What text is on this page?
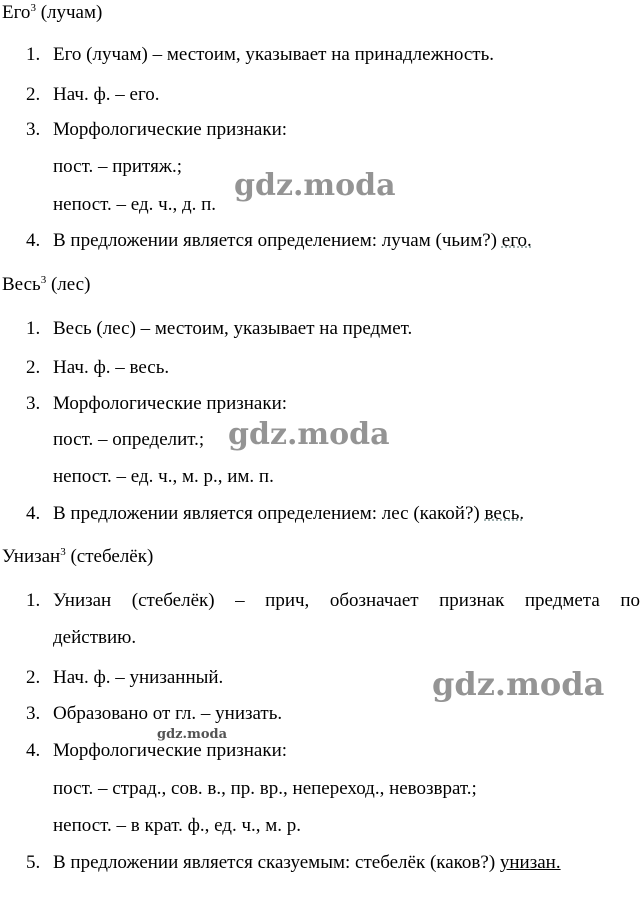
Его$^3$ (лучам)
1. Его (лучам) – местоим, указывает на принадлежность.
2. Нач. ф. – его.
3. Морфологические признаки:
пост. – притяж.;
непост. – ед. ч., д. п.
4. В предложении является определением: лучам (чьим?) его.
Весь$^3$ (лес)
1. Весь (лес) – местоим, указывает на предмет.
2. Нач. ф. – весь.
3. Морфологические признаки:
пост. – определит.;
непост. – ед. ч., м. р., им. п.
4. В предложении является определением: лес (какой?) весь.
Унизан$^3$ (стебелёк)
1. Унизан (стебелёк) – прич, обозначает признак предмета по
действию.
2. Нач. ф. – унизанный.
3. Образовано от гл. – унизать.
4. Морфологические признаки:
пост. – страд., сов. в., пр. вр., непереход., невозврат.;
непост. – в крат. ф., ед. ч., м. р.
5. В предложении является сказуемым: стебелёк (каков?) унизан.
gdz.moda
gdz.moda
gdz.moda
gdz.moda
